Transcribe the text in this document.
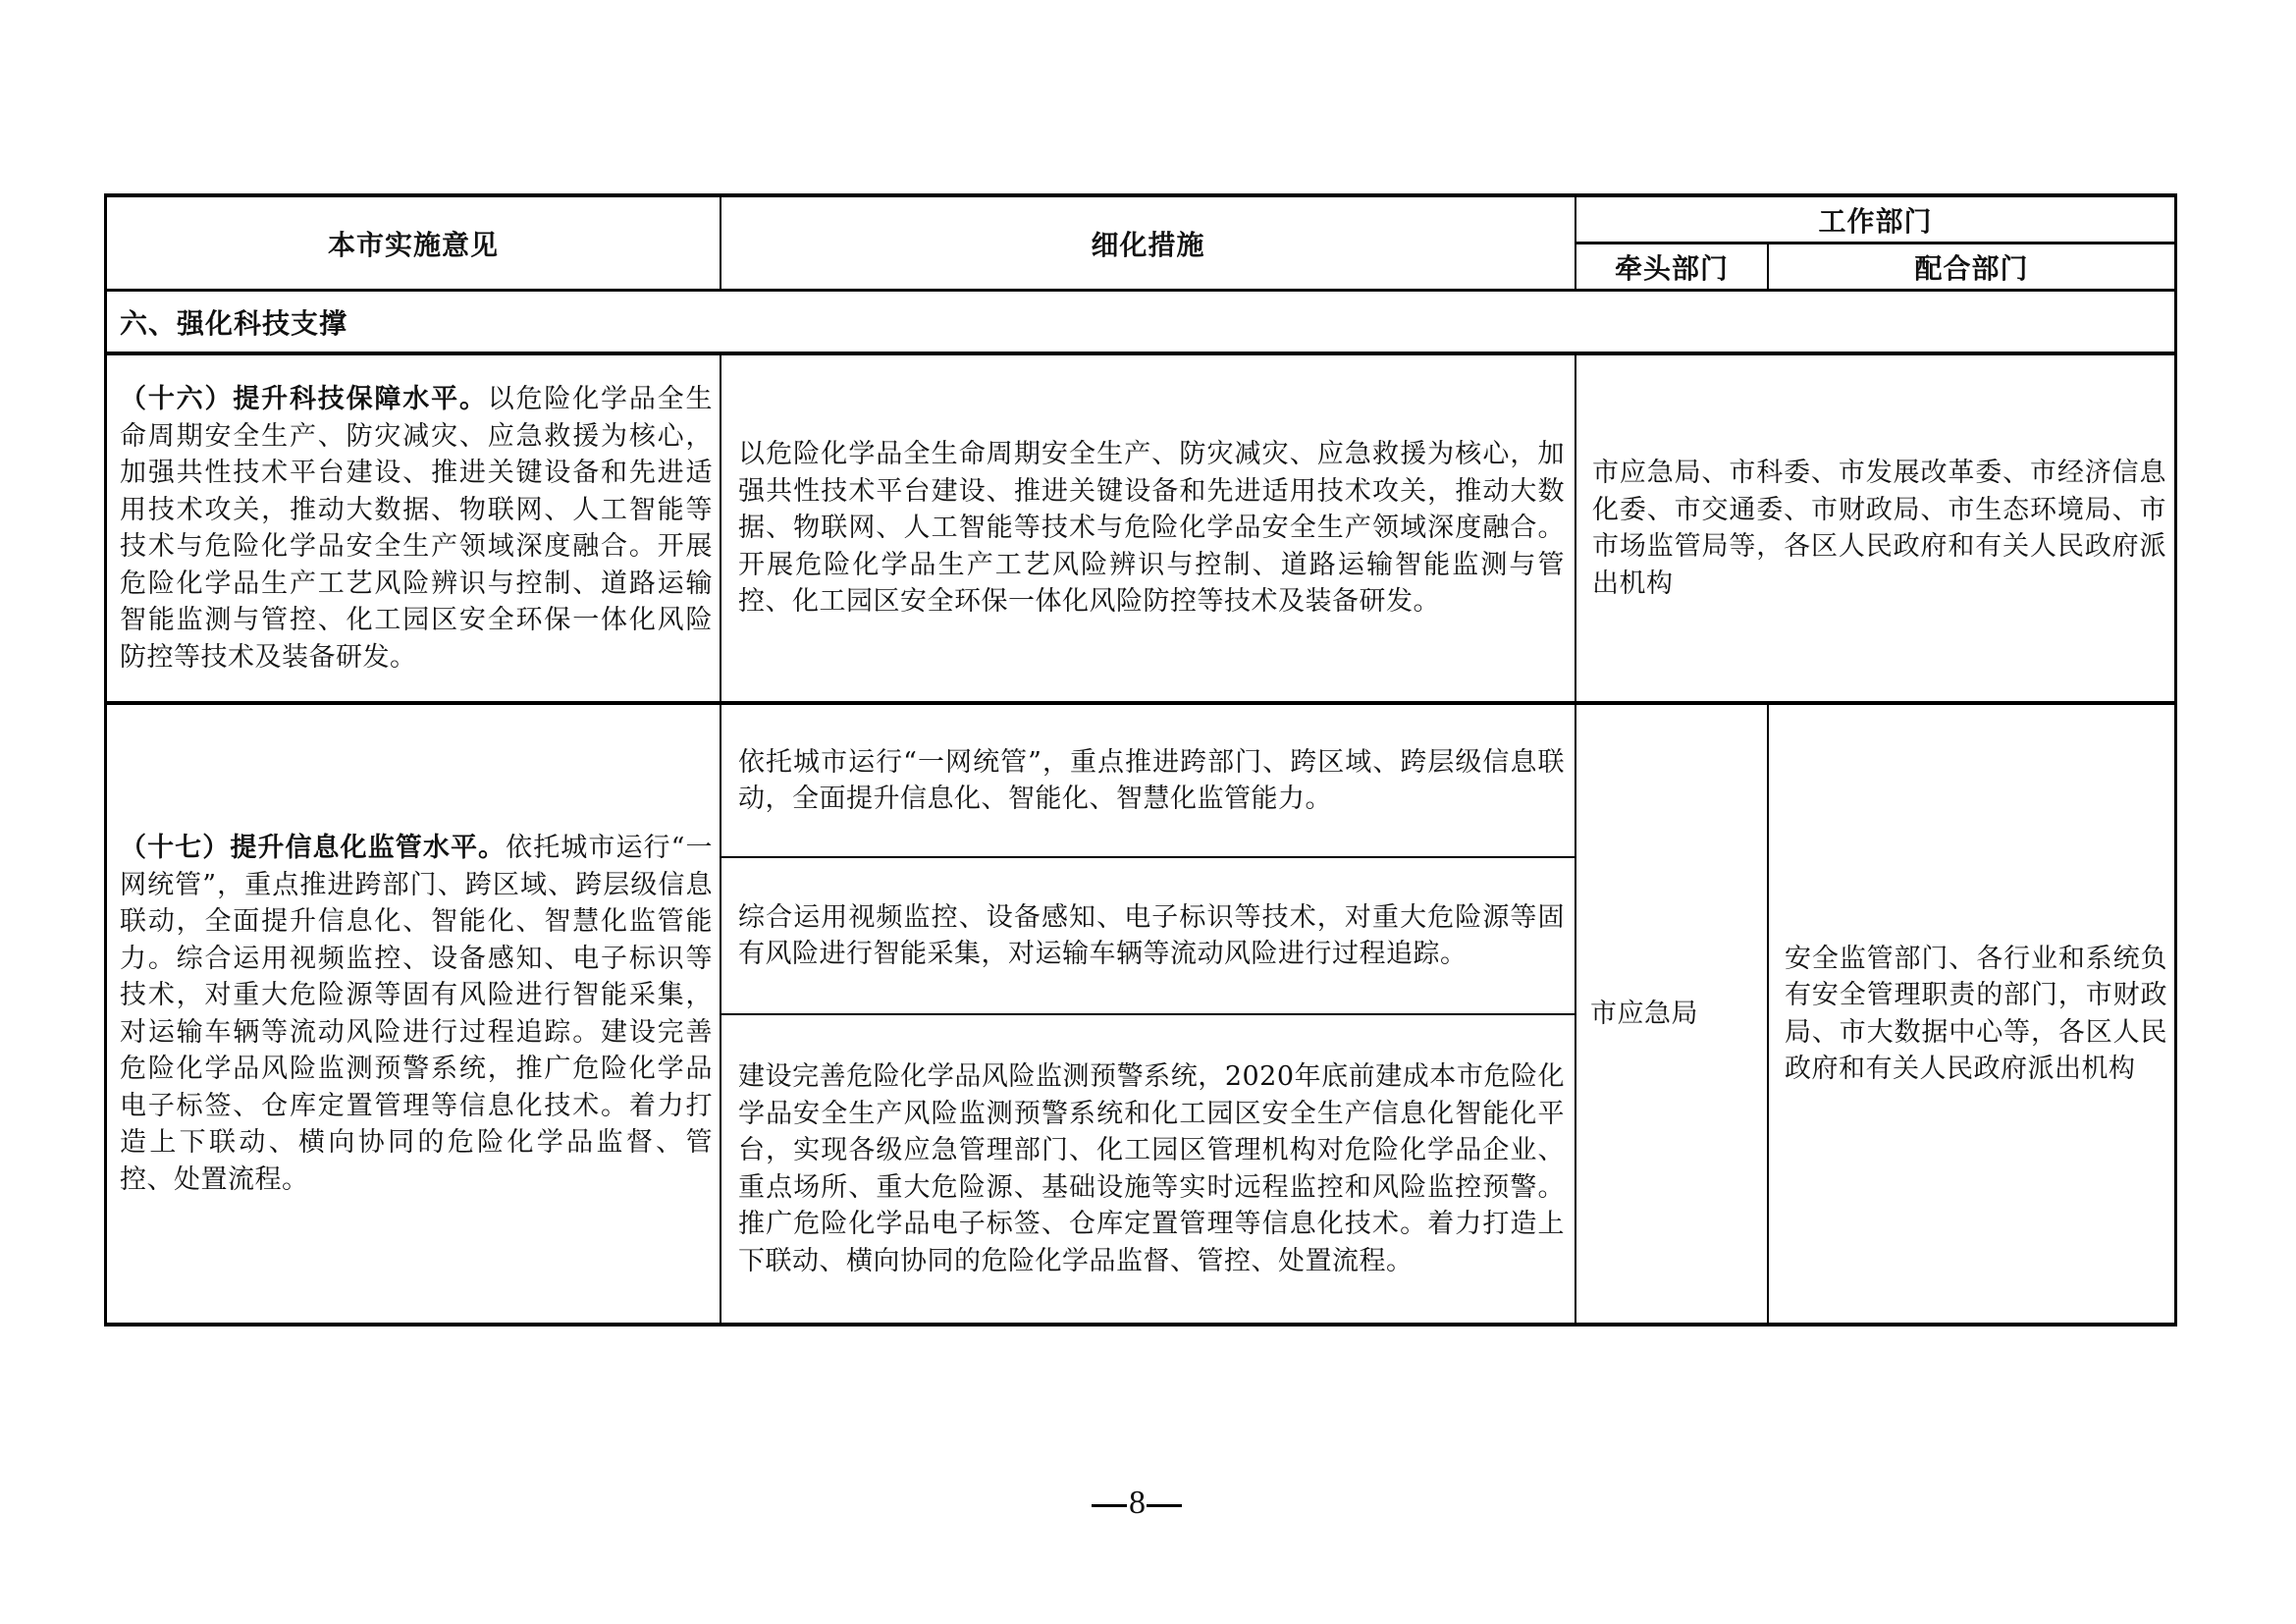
本市实施意见	细化措施
工作部门
牵头部门	配合部门
六、强化科技支撑
（十六）提升科技保障水平。以危险化学品全生命周期安全生产、防灾减灾、应急救援为核心，加强共性技术平台建设、推进关键设备和先进适用技术攻关，推动大数据、物联网、人工智能等技术与危险化学品安全生产领域深度融合。开展危险化学品生产工艺风险辨识与控制、道路运输智能监测与管控、化工园区安全环保一体化风险防控等技术及装备研发。
以危险化学品全生命周期安全生产、防灾减灾、应急救援为核心，加强共性技术平台建设、推进关键设备和先进适用技术攻关，推动大数据、物联网、人工智能等技术与危险化学品安全生产领域深度融合。开展危险化学品生产工艺风险辨识与控制、道路运输智能监测与管控、化工园区安全环保一体化风险防控等技术及装备研发。
市应急局、市科委、市发展改革委、市经济信息化委、市交通委、市财政局、市生态环境局、市市场监管局等，各区人民政府和有关人民政府派出机构
（十七）提升信息化监管水平。依托城市运行“一网统管”，重点推进跨部门、跨区域、跨层级信息联动，全面提升信息化、智能化、智慧化监管能力。综合运用视频监控、设备感知、电子标识等技术，对重大危险源等固有风险进行智能采集，对运输车辆等流动风险进行过程追踪。建设完善危险化学品风险监测预警系统，推广危险化学品电子标签、仓库定置管理等信息化技术。着力打造上下联动、横向协同的危险化学品监督、管控、处置流程。
依托城市运行“一网统管”，重点推进跨部门、跨区域、跨层级信息联动，全面提升信息化、智能化、智慧化监管能力。
综合运用视频监控、设备感知、电子标识等技术，对重大危险源等固有风险进行智能采集，对运输车辆等流动风险进行过程追踪。
建设完善危险化学品风险监测预警系统，2020年底前建成本市危险化学品安全生产风险监测预警系统和化工园区安全生产信息化智能化平台，实现各级应急管理部门、化工园区管理机构对危险化学品企业、重点场所、重大危险源、基础设施等实时远程监控和风险监控预警。推广危险化学品电子标签、仓库定置管理等信息化技术。着力打造上下联动、横向协同的危险化学品监督、管控、处置流程。
市应急局
安全监管部门、各行业和系统负有安全管理职责的部门，市财政局、市大数据中心等，各区人民政府和有关人民政府派出机构
8
